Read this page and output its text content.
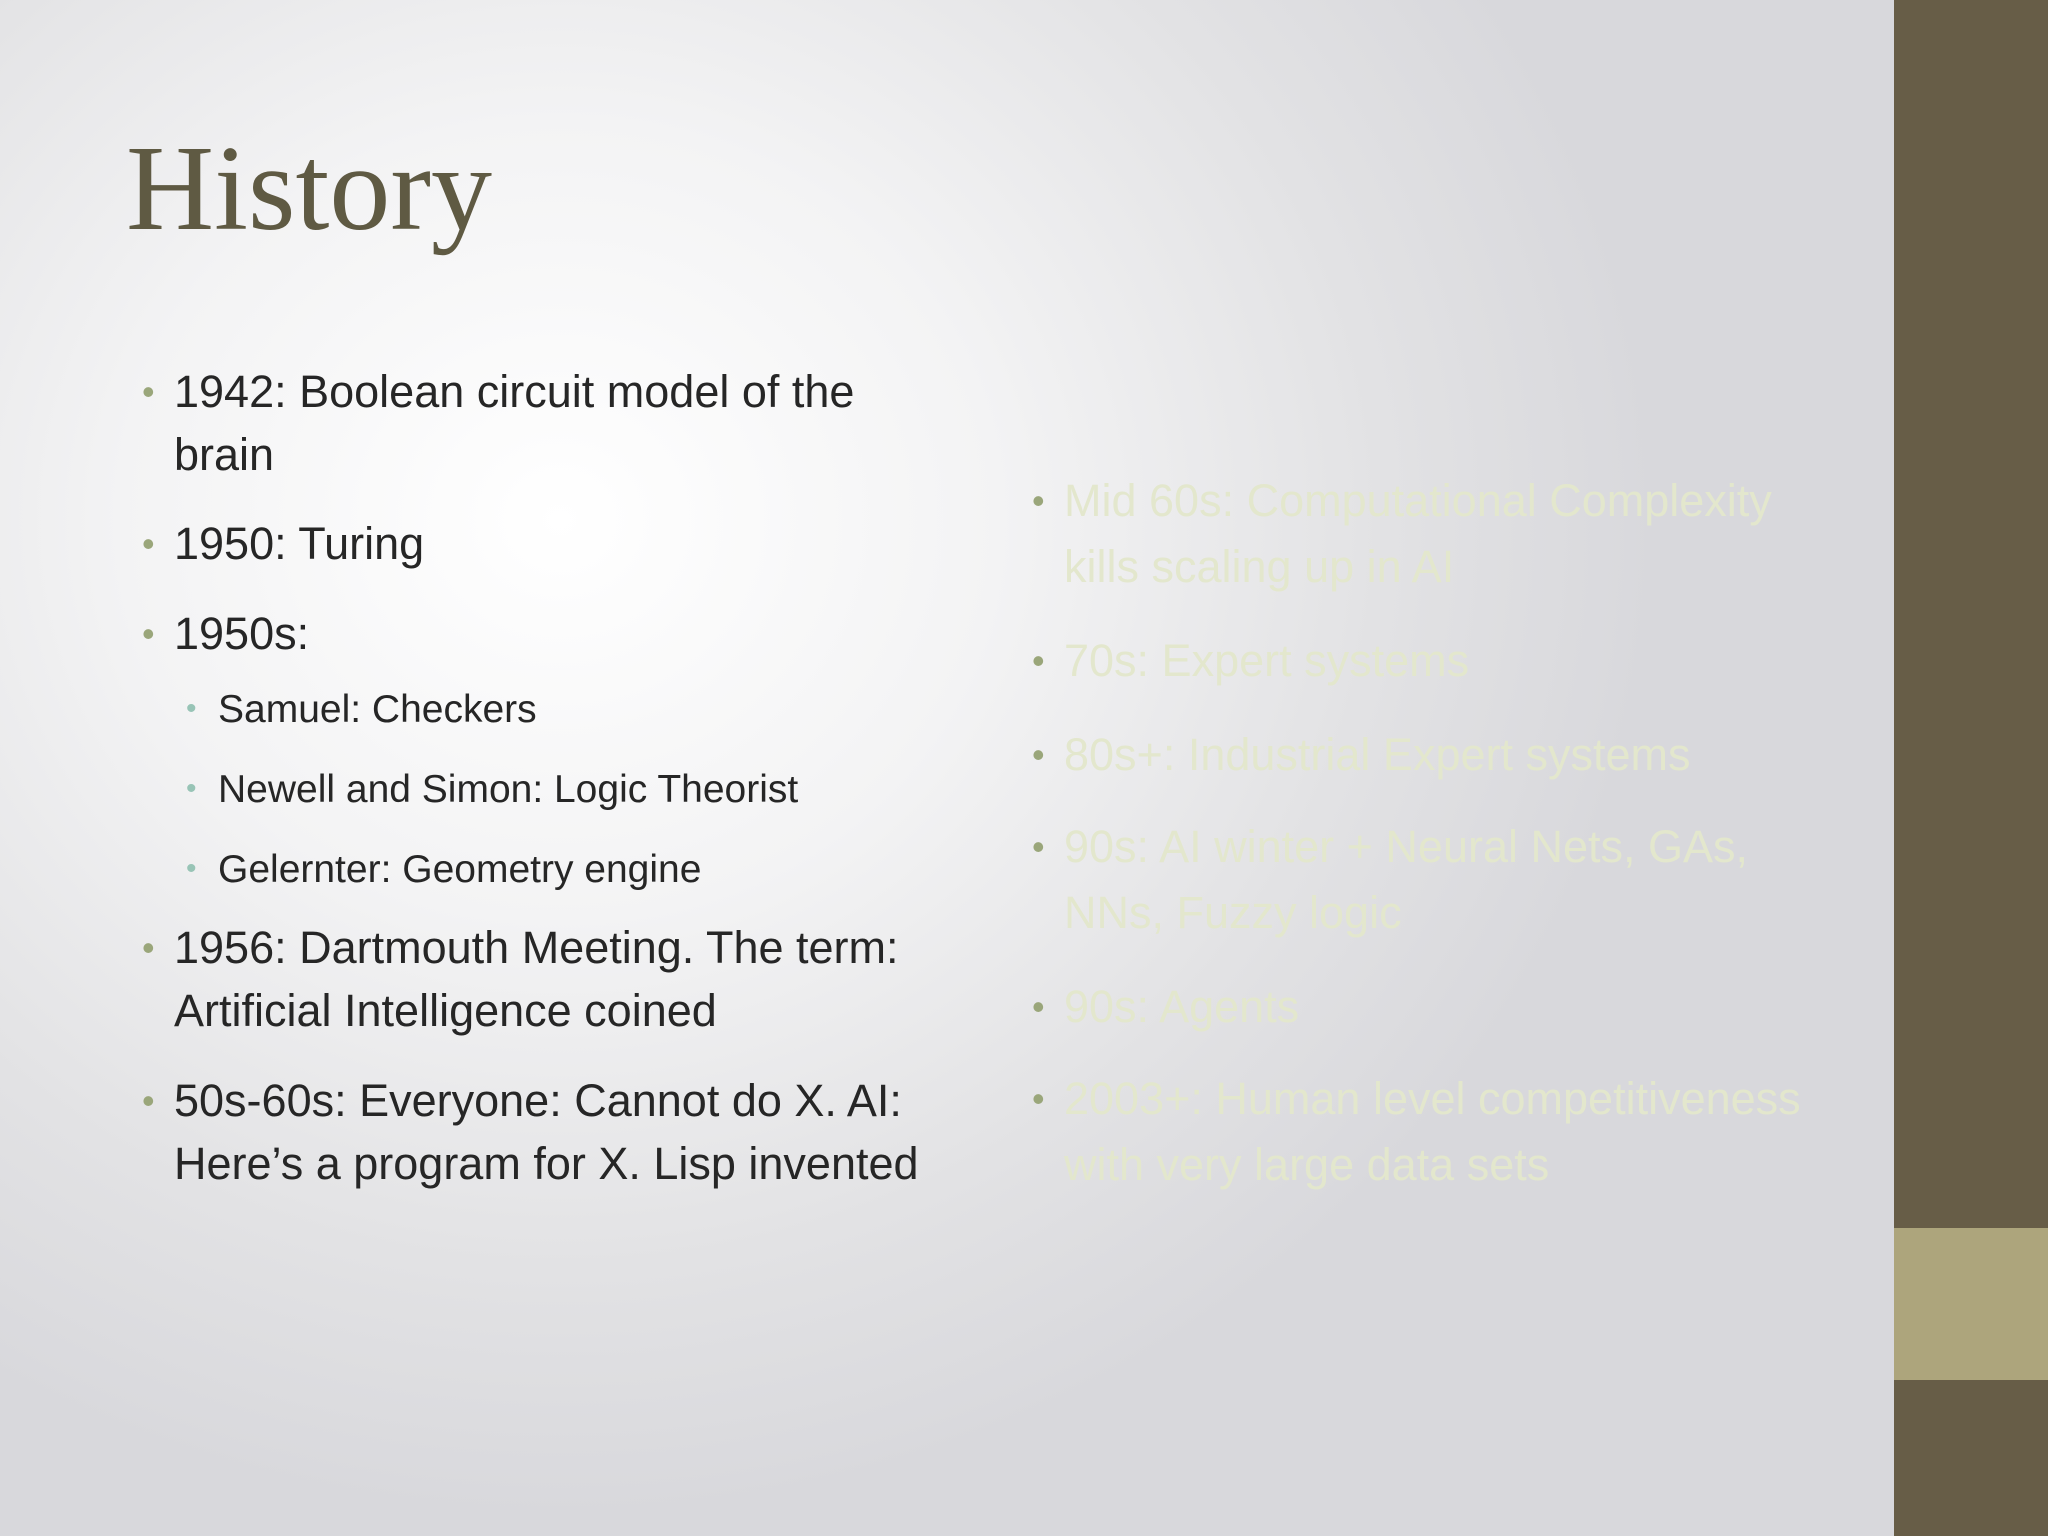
History
• 1942: Boolean circuit model of the brain
• 1950: Turing
• 1950s:
• Samuel: Checkers
• Newell and Simon: Logic Theorist
• Gelernter: Geometry engine
• 1956: Dartmouth Meeting. The term: Artificial Intelligence coined
• 50s-60s: Everyone: Cannot do X. AI: Here’s a program for X. Lisp invented
• Mid 60s: Computational Complexity kills scaling up in AI
• 70s: Expert systems
• 80s+: Industrial Expert systems
• 90s: AI winter + Neural Nets, GAs, NNs, Fuzzy logic
• 90s: Agents
• 2003+: Human level competitiveness with very large data sets
